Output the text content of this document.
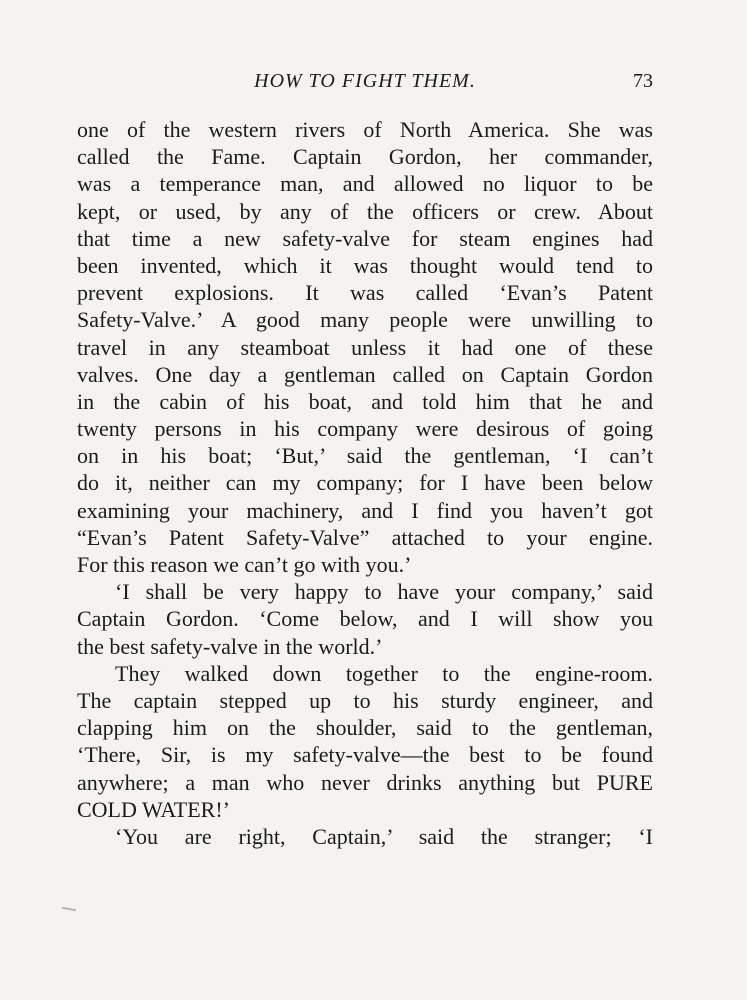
HOW TO FIGHT THEM.	73
one of the western rivers of North America. She was
called the Fame. Captain Gordon, her commander,
was a temperance man, and allowed no liquor to be
kept, or used, by any of the officers or crew. About
that time a new safety-valve for steam engines had
been invented, which it was thought would tend to
prevent explosions. It was called ‘Evan’s Patent
Safety-Valve.’ A good many people were unwilling to
travel in any steamboat unless it had one of these
valves. One day a gentleman called on Captain Gordon
in the cabin of his boat, and told him that he and
twenty persons in his company were desirous of going
on in his boat; ‘But,’ said the gentleman, ‘I can’t
do it, neither can my company; for I have been below
examining your machinery, and I find you haven’t got
“Evan’s Patent Safety-Valve” attached to your engine.
For this reason we can’t go with you.’
‘I shall be very happy to have your company,’ said
Captain Gordon. ‘Come below, and I will show you
the best safety-valve in the world.’
They walked down together to the engine-room.
The captain stepped up to his sturdy engineer, and
clapping him on the shoulder, said to the gentleman,
‘There, Sir, is my safety-valve—the best to be found
anywhere; a man who never drinks anything but PURE
COLD WATER!’
‘You are right, Captain,’ said the stranger; ‘I
